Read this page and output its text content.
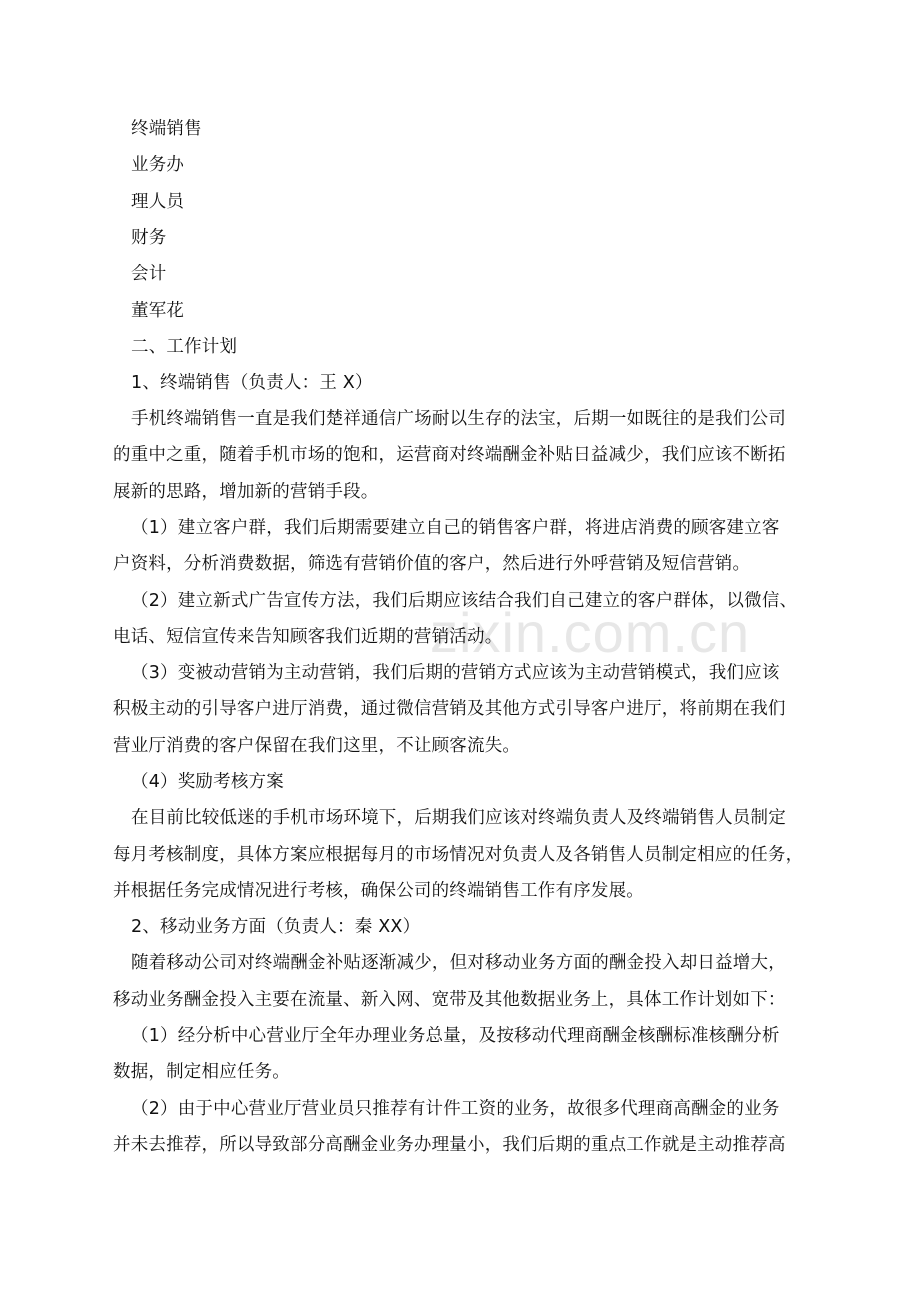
zixin.com.cn
终端销售
业务办
理人员
财务
会计
董军花
二、工作计划
1、终端销售（负责人：王 X）
手机终端销售一直是我们楚祥通信广场耐以生存的法宝，后期一如既往的是我们公司
的重中之重，随着手机市场的饱和，运营商对终端酬金补贴日益减少，我们应该不断拓
展新的思路，增加新的营销手段。
（1）建立客户群，我们后期需要建立自己的销售客户群，将进店消费的顾客建立客
户资料，分析消费数据，筛选有营销价值的客户，然后进行外呼营销及短信营销。
（2）建立新式广告宣传方法，我们后期应该结合我们自己建立的客户群体，以微信、
电话、短信宣传来告知顾客我们近期的营销活动。
（3）变被动营销为主动营销，我们后期的营销方式应该为主动营销模式，我们应该
积极主动的引导客户进厅消费，通过微信营销及其他方式引导客户进厅，将前期在我们
营业厅消费的客户保留在我们这里，不让顾客流失。
（4）奖励考核方案
在目前比较低迷的手机市场环境下，后期我们应该对终端负责人及终端销售人员制定
每月考核制度，具体方案应根据每月的市场情况对负责人及各销售人员制定相应的任务，
并根据任务完成情况进行考核，确保公司的终端销售工作有序发展。
2、移动业务方面（负责人：秦 XX）
随着移动公司对终端酬金补贴逐渐减少，但对移动业务方面的酬金投入却日益增大，
移动业务酬金投入主要在流量、新入网、宽带及其他数据业务上，具体工作计划如下：
（1）经分析中心营业厅全年办理业务总量，及按移动代理商酬金核酬标准核酬分析
数据，制定相应任务。
（2）由于中心营业厅营业员只推荐有计件工资的业务，故很多代理商高酬金的业务
并未去推荐，所以导致部分高酬金业务办理量小，我们后期的重点工作就是主动推荐高
